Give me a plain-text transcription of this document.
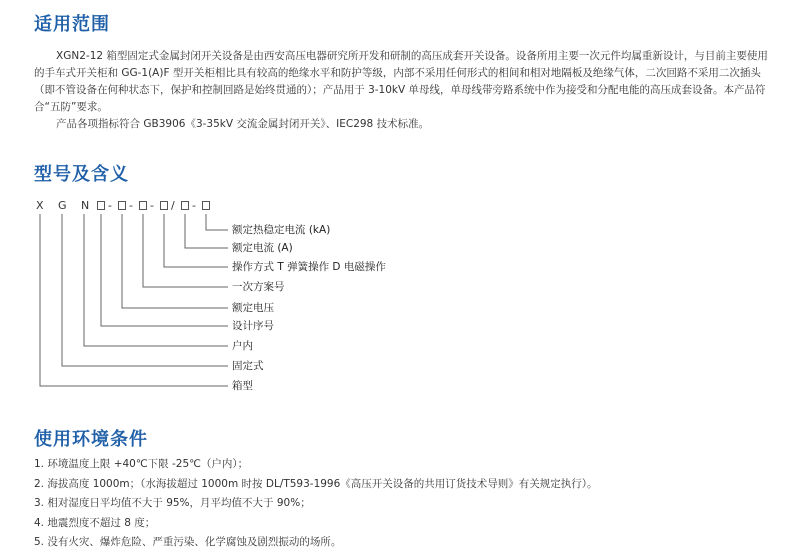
适用范围

XGN2-12 箱型固定式金属封闭开关设备是由西安高压电器研究所开发和研制的高压成套开关设备。设备所用主要一次元件均属重新设计，与目前主要使用的手车式开关柜和 GG-1(A)F 型开关柜相比具有较高的绝缘水平和防护等级，内部不采用任何形式的相间和相对地隔板及绝缘气体，二次回路不采用二次插头（即不管设备在何种状态下，保护和控制回路是始终贯通的）；产品用于 3-10kV 单母线，单母线带旁路系统中作为接受和分配电能的高压成套设备。本产品符合“五防”要求。

产品各项指标符合 GB3906《3-35kV 交流金属封闭开关》、IEC298 技术标准。

型号及含义
X G N - - - / -
额定热稳定电流 (kA)
额定电流 (A)
操作方式 T 弹簧操作 D 电磁操作
一次方案号
额定电压
设计序号
户内
固定式
箱型
使用环境条件
1. 环境温度上限 +40℃下限 -25℃（户内）；
2. 海拔高度 1000m；（水海拔超过 1000m 时按 DL/T593-1996《高压开关设备的共用订货技术导则》有关规定执行）。
3. 相对湿度日平均值不大于 95%，月平均值不大于 90%；
4. 地震烈度不超过 8 度；
5. 没有火灾、爆炸危险、严重污染、化学腐蚀及剧烈振动的场所。
